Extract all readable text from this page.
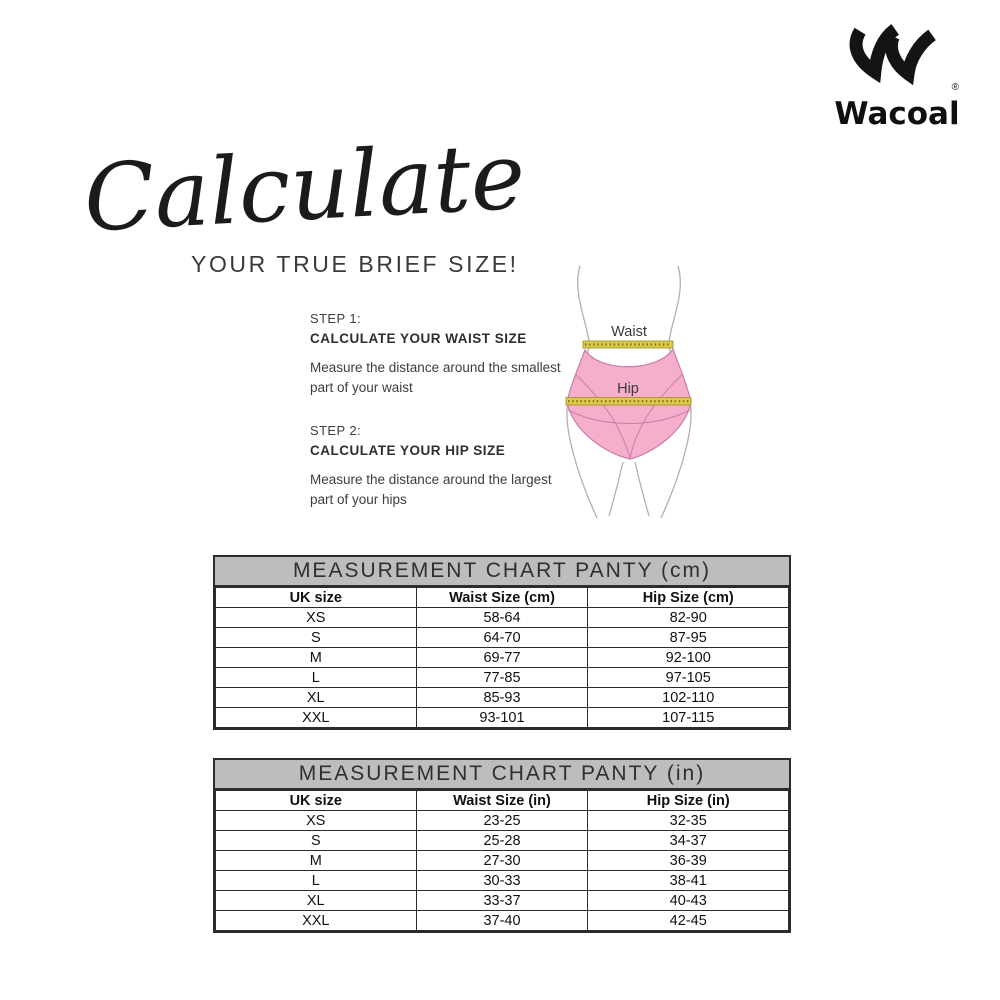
®
Wacoal
Calculate
YOUR TRUE BRIEF SIZE!
STEP 1:
CALCULATE YOUR WAIST SIZE
Measure the distance around the smallest part of your waist
STEP 2:
CALCULATE YOUR HIP SIZE
Measure the distance around the largest part of your hips
Waist
Hip
MEASUREMENT CHART PANTY (cm)
UK size	Waist Size (cm)	Hip Size (cm)
XS	58-64	82-90
S	64-70	87-95
M	69-77	92-100
L	77-85	97-105
XL	85-93	102-110
XXL	93-101	107-115
MEASUREMENT CHART PANTY (in)
UK size	Waist Size (in)	Hip Size (in)
XS	23-25	32-35
S	25-28	34-37
M	27-30	36-39
L	30-33	38-41
XL	33-37	40-43
XXL	37-40	42-45
